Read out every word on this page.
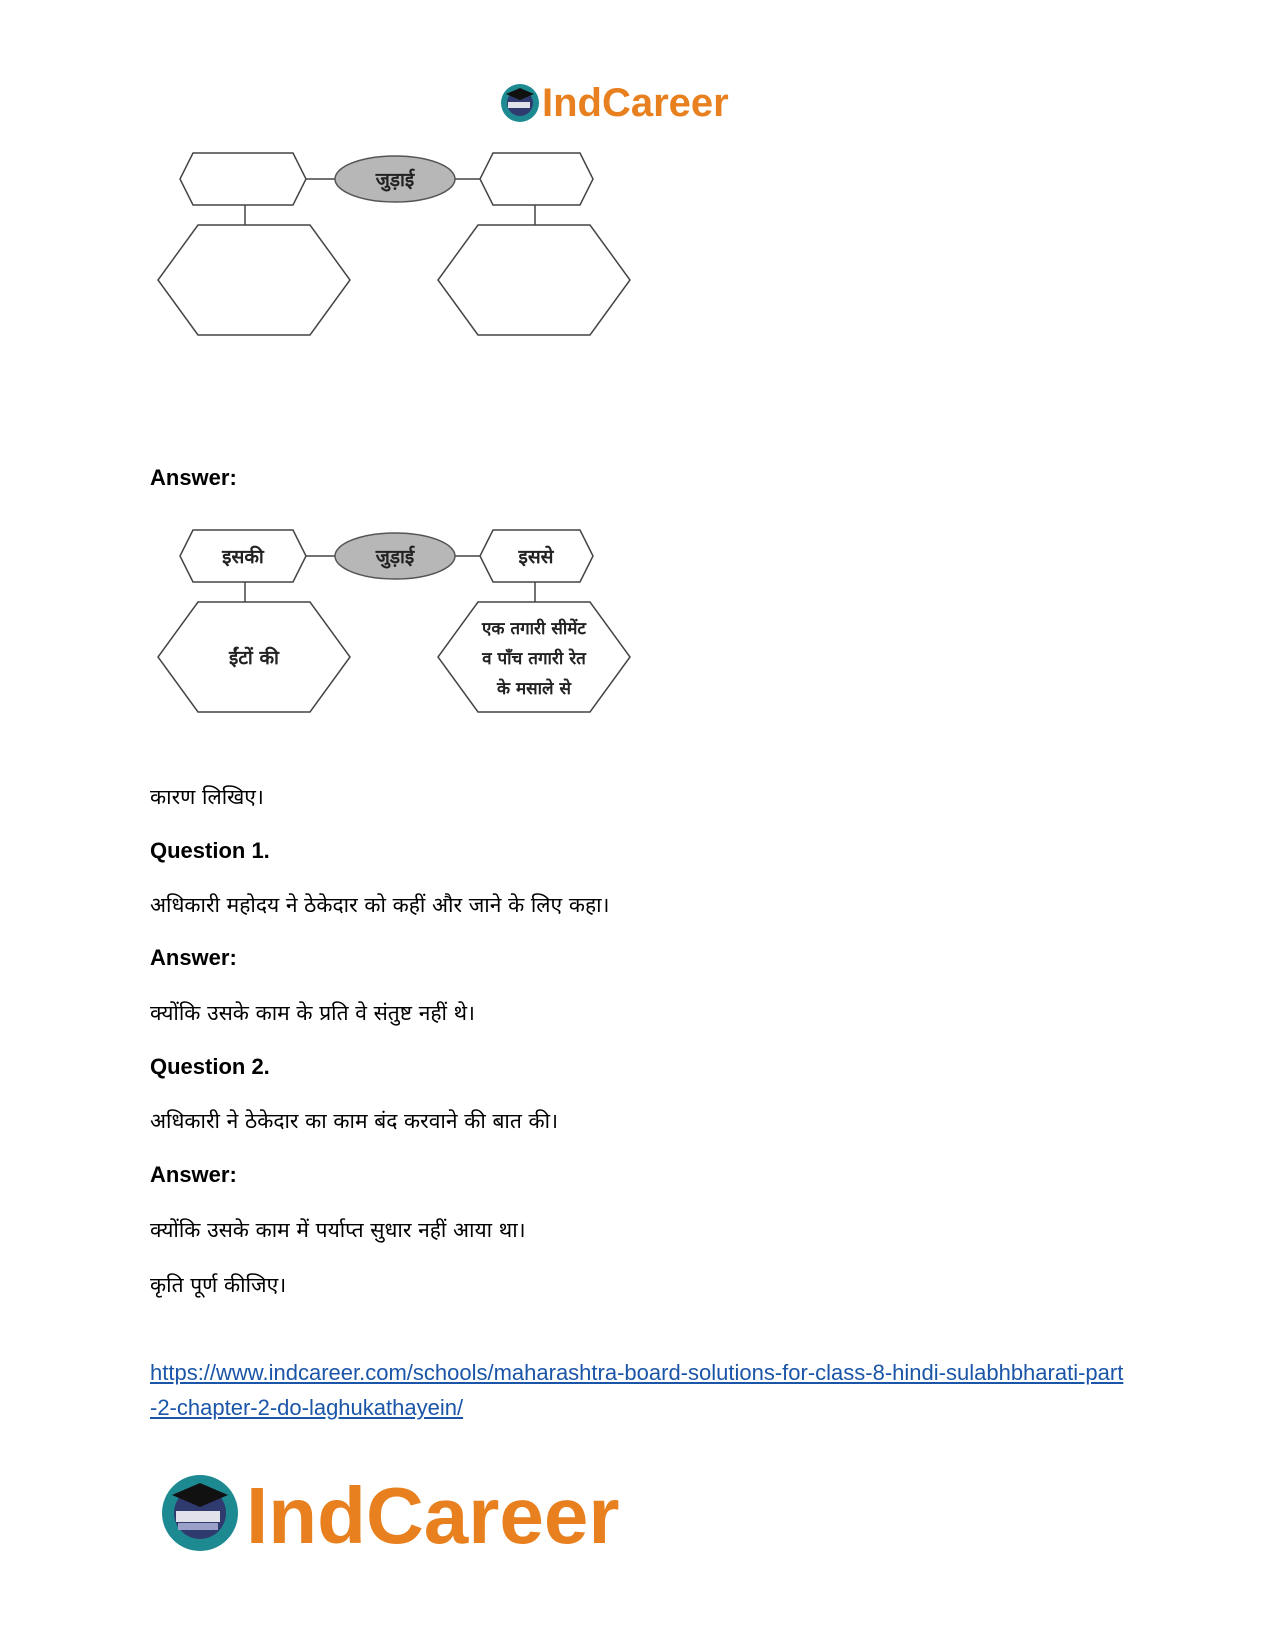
IndCareer
जुड़ाई
Answer:
जुड़ाई
इसकी	इससे
ईंटों की
एक तगारी सीमेंट
व पाँच तगारी रेत
के मसाले से
कारण लिखिए।
Question 1.
अधिकारी महोदय ने ठेकेदार को कहीं और जाने के लिए कहा।
Answer:
क्योंकि उसके काम के प्रति वे संतुष्ट नहीं थे।
Question 2.
अधिकारी ने ठेकेदार का काम बंद करवाने की बात की।
Answer:
क्योंकि उसके काम में पर्याप्त सुधार नहीं आया था।
कृति पूर्ण कीजिए।
https://www.indcareer.com/schools/maharashtra-board-solutions-for-class-8-hindi-sulabhbharati-part-2-chapter-2-do-laghukathayein/
IndCareer
